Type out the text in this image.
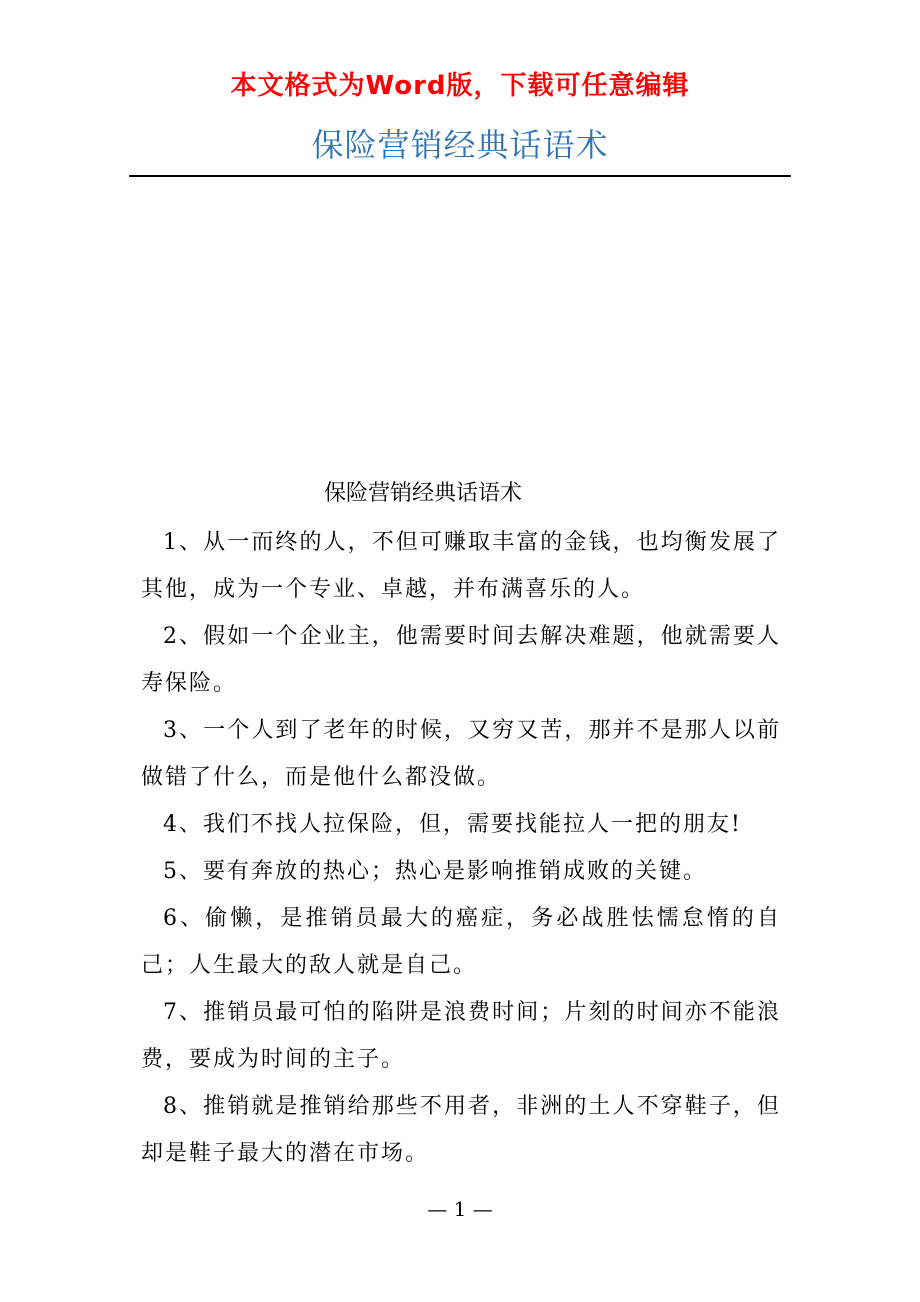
本文格式为Word版，下载可任意编辑
保险营销经典话语术
保险营销经典话语术

1、从一而终的人，不但可赚取丰富的金钱，也均衡发展了其他，成为一个专业、卓越，并布满喜乐的人。

2、假如一个企业主，他需要时间去解决难题，他就需要人寿保险。

3、一个人到了老年的时候，又穷又苦，那并不是那人以前做错了什么，而是他什么都没做。

4、我们不找人拉保险，但，需要找能拉人一把的朋友!

5、要有奔放的热心；热心是影响推销成败的关键。

6、偷懒，是推销员最大的癌症，务必战胜怯懦怠惰的自己；人生最大的敌人就是自己。

7、推销员最可怕的陷阱是浪费时间；片刻的时间亦不能浪费，要成为时间的主子。

8、推销就是推销给那些不用者，非洲的土人不穿鞋子，但却是鞋子最大的潜在市场。

— 1 —
